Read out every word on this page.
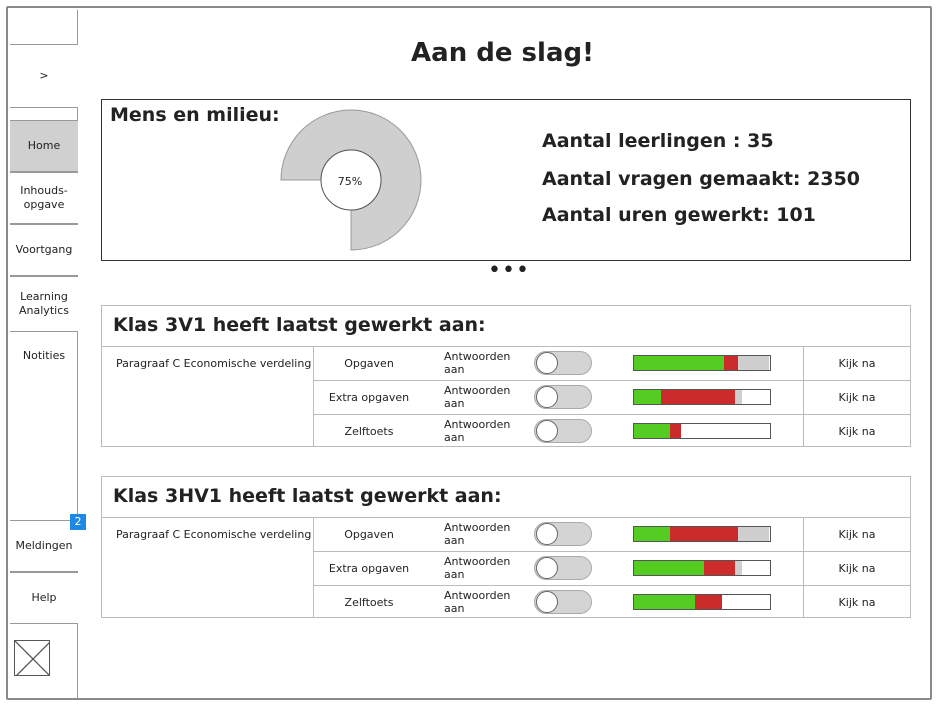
>
Home
Inhouds-
opgave
Voortgang
Learning
Analytics
Notities
Meldingen
Help
2
Aan de slag!
Mens en milieu:
75%
Aantal leerlingen : 35
Aantal vragen gemaakt: 2350
Aantal uren gewerkt: 101
•••
Klas 3V1 heeft laatst gewerkt aan:
Paragraaf C Economische verdeling	Opgaven	Antwoorden aan	Kijk na
Extra opgaven	Antwoorden aan	Kijk na
Zelftoets	Antwoorden aan	Kijk na
Klas 3HV1 heeft laatst gewerkt aan:
Paragraaf C Economische verdeling	Opgaven	Antwoorden aan	Kijk na
Extra opgaven	Antwoorden aan	Kijk na
Zelftoets	Antwoorden aan	Kijk na
